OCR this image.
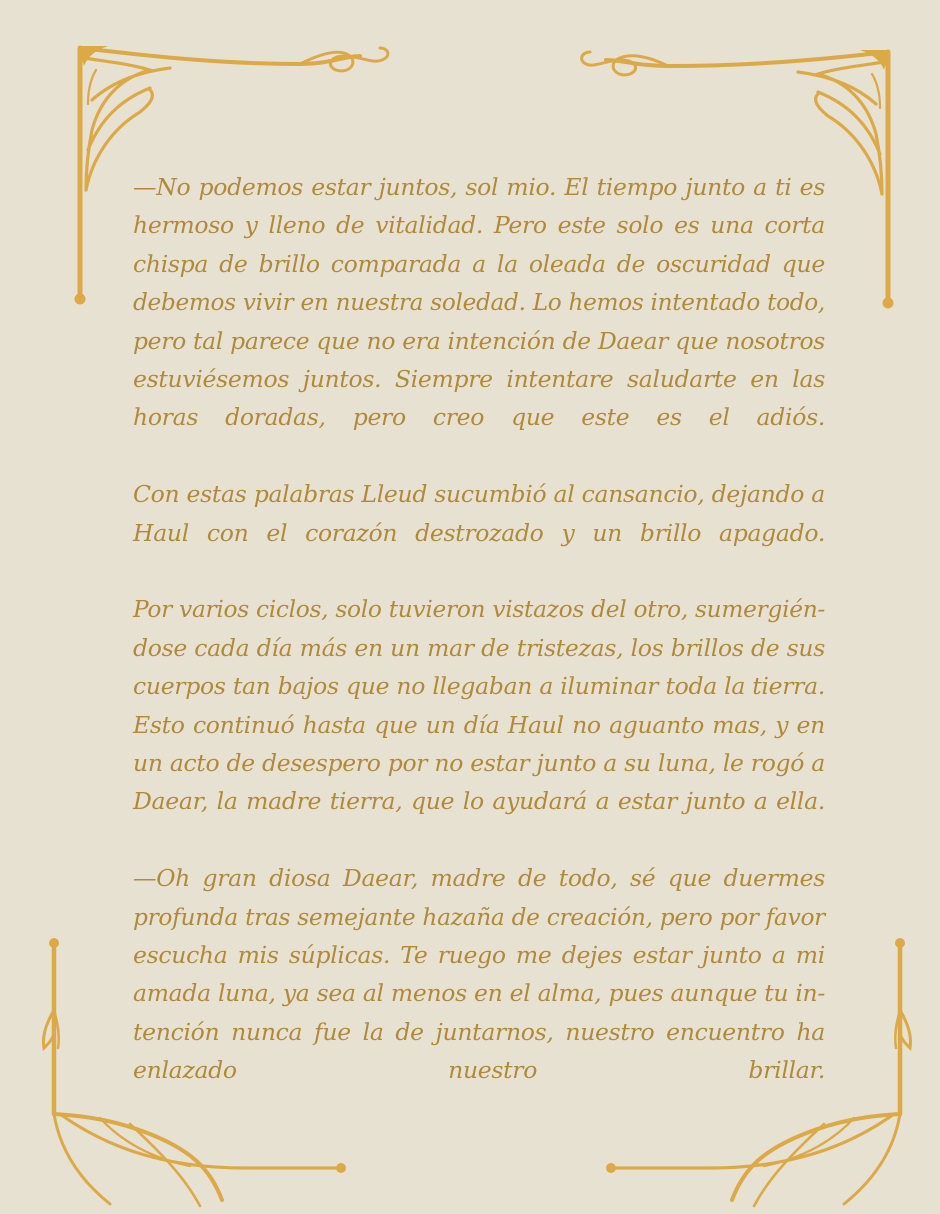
—No podemos estar juntos, sol mio. El tiempo junto a ti es
hermoso y lleno de vitalidad. Pero este solo es una corta
chispa de brillo comparada a la oleada de oscuridad que
debemos vivir en nuestra soledad. Lo hemos intentado todo,
pero tal parece que no era intención de Daear que nosotros
estuviésemos juntos. Siempre intentare saludarte en las
horas doradas, pero creo que este es el adiós.
Con estas palabras Lleud sucumbió al cansancio, dejando a
Haul con el corazón destrozado y un brillo apagado.
Por varios ciclos, solo tuvieron vistazos del otro, sumergién-
dose cada día más en un mar de tristezas, los brillos de sus
cuerpos tan bajos que no llegaban a iluminar toda la tierra.
Esto continuó hasta que un día Haul no aguanto mas, y en
un acto de desespero por no estar junto a su luna, le rogó a
Daear, la madre tierra, que lo ayudará a estar junto a ella.
—Oh gran diosa Daear, madre de todo, sé que duermes
profunda tras semejante hazaña de creación, pero por favor
escucha mis súplicas. Te ruego me dejes estar junto a mi
amada luna, ya sea al menos en el alma, pues aunque tu in-
tención nunca fue la de juntarnos, nuestro encuentro ha
enlazado nuestro brillar.
